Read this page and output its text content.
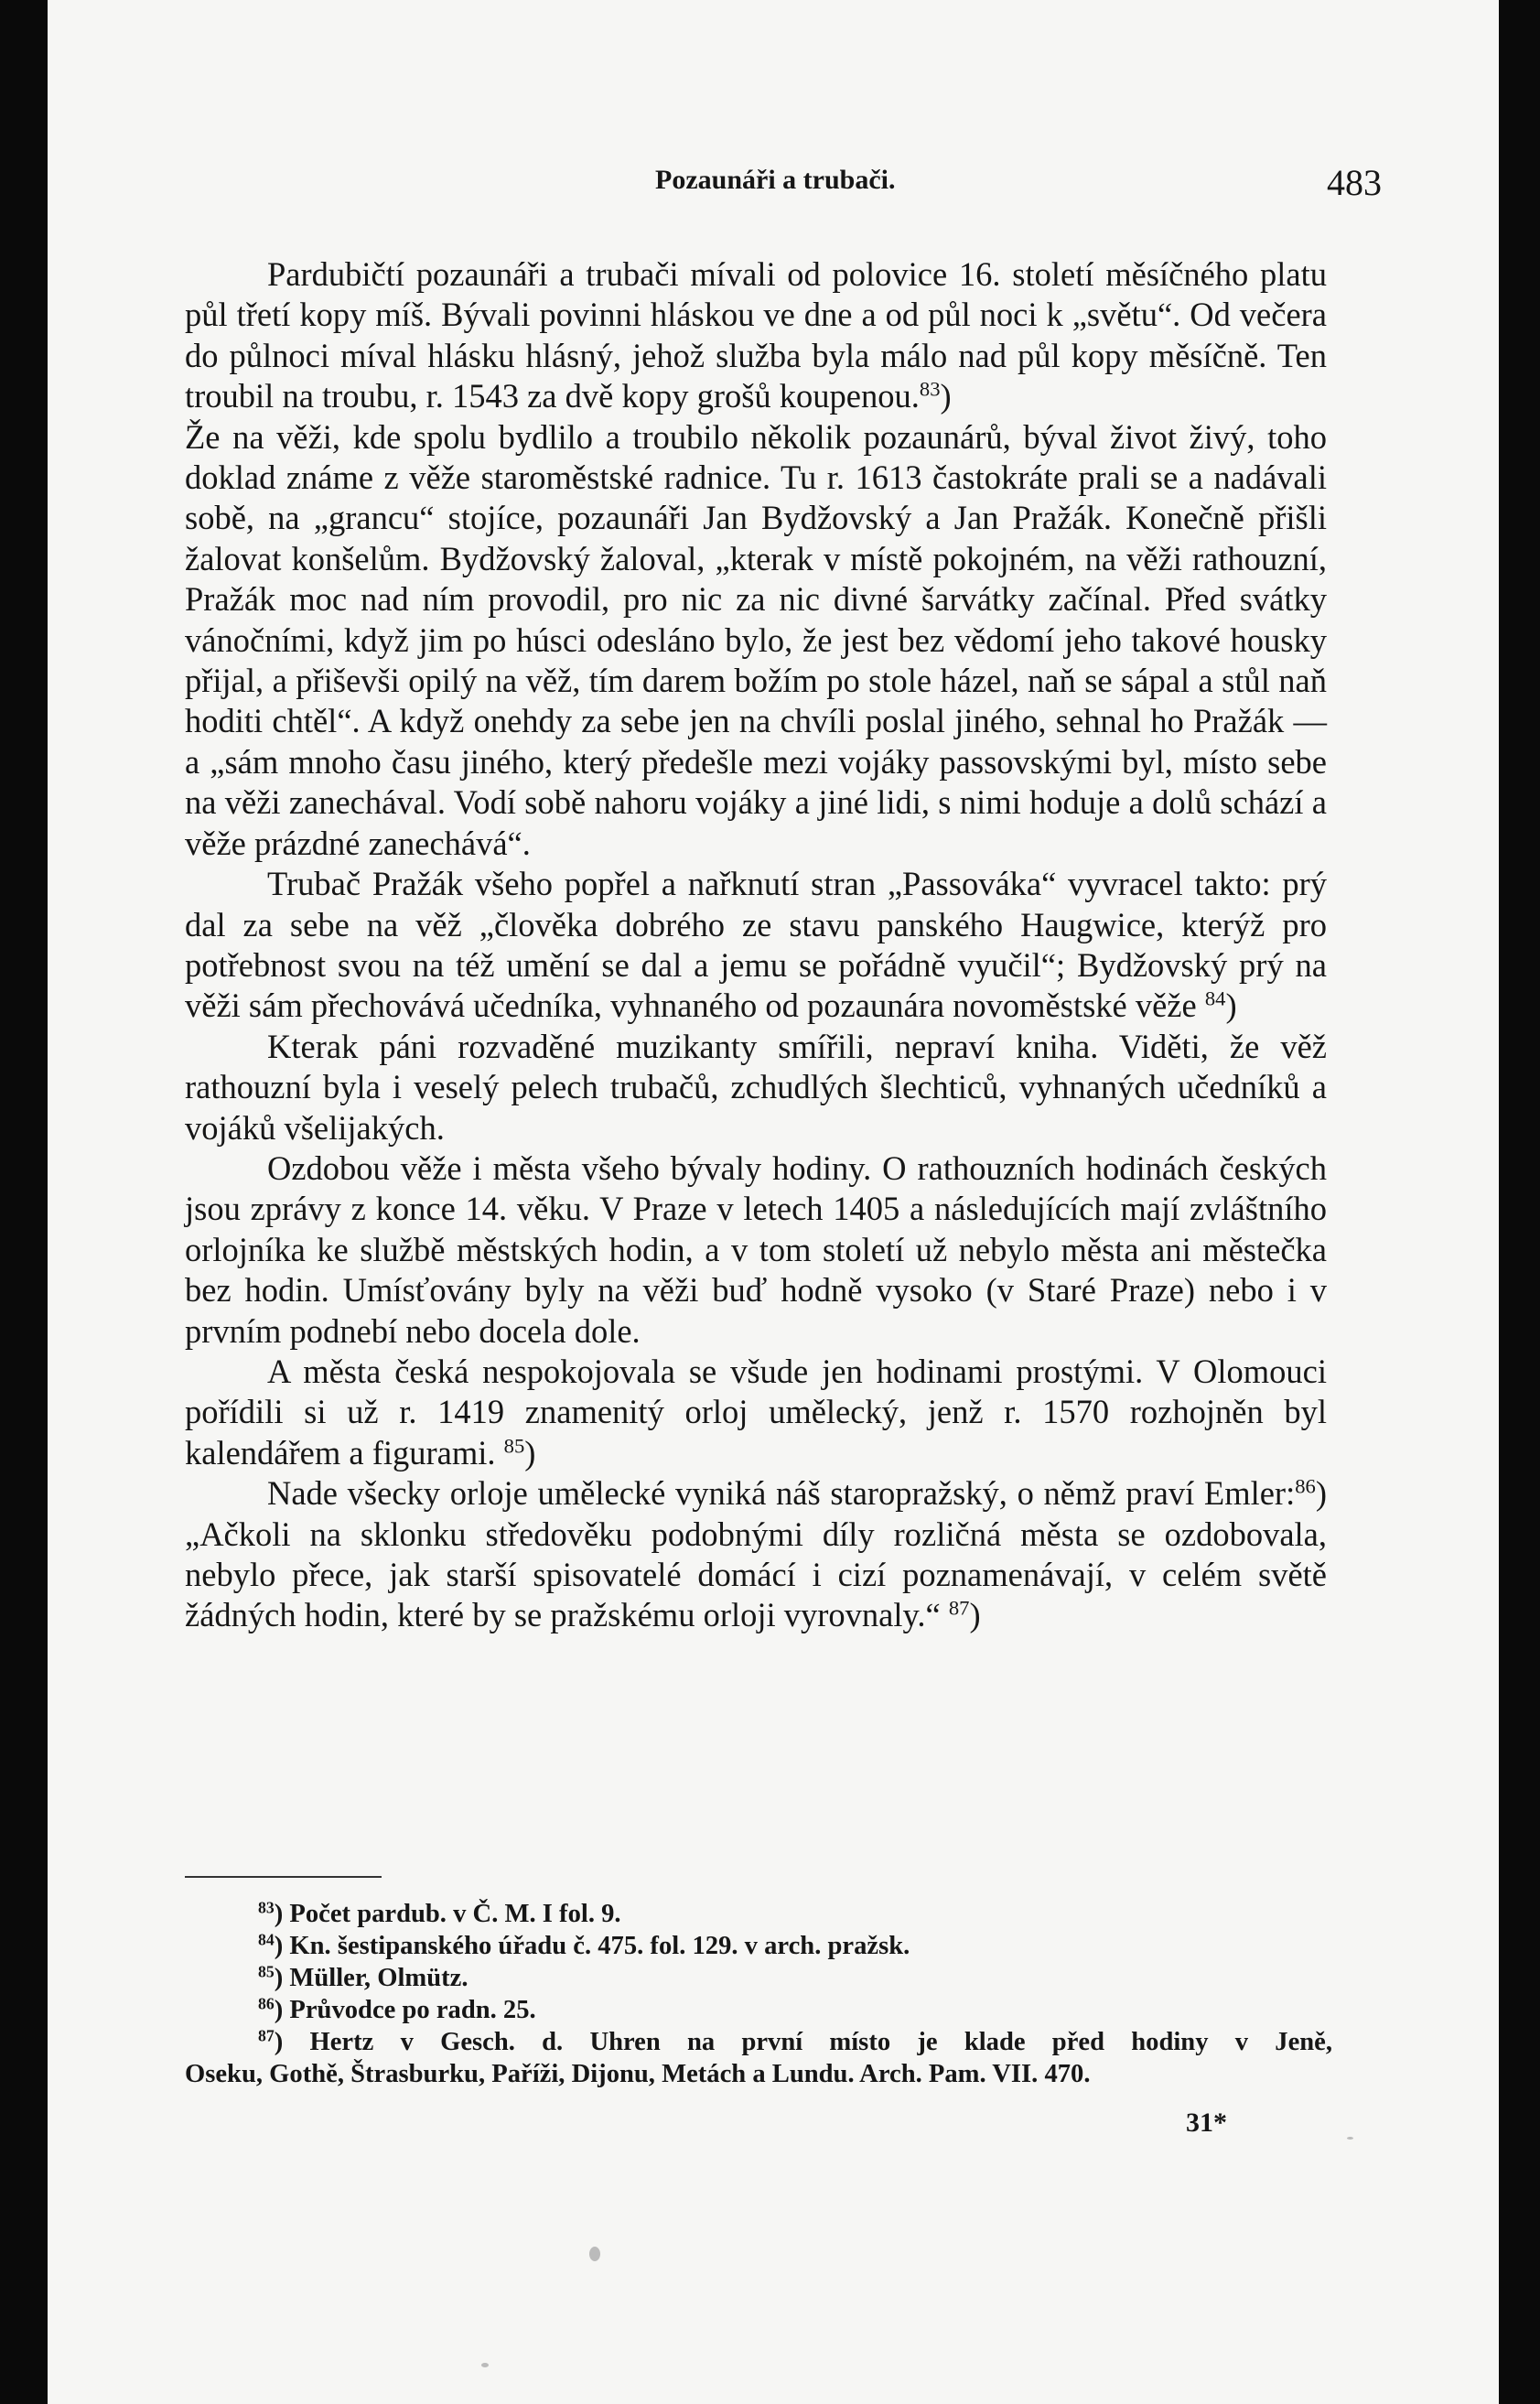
Pozaunáři a trubači.	483

Pardubičtí pozaunáři a trubači mívali od polovice 16. století měsíčného platu půl třetí kopy míš. Bývali povinni hláskou ve dne a od půl noci k „světu“. Od večera do půlnoci míval hlásku hlásný, jehož služba byla málo nad půl kopy měsíčně. Ten troubil na troubu, r. 1543 za dvě kopy grošů koupenou.$^{83}$)

Že na věži, kde spolu bydlilo a troubilo několik pozaunárů, býval život živý, toho doklad známe z věže staroměstské radnice. Tu r. 1613 častokráte prali se a nadávali sobě, na „grancu“ stojíce, pozaunáři Jan Bydžovský a Jan Pražák. Konečně přišli žalovat konšelům. Bydžovský žaloval, „kterak v místě pokojném, na věži rathouzní, Pražák moc nad ním provodil, pro nic za nic divné šarvátky začínal. Před svátky vánočními, když jim po húsci odesláno bylo, že jest bez vědomí jeho takové housky přijal, a přiševši opilý na věž, tím darem božím po stole házel, naň se sápal a stůl naň hoditi chtěl“. A když onehdy za sebe jen na chvíli poslal jiného, sehnal ho Pražák — a „sám mnoho času jiného, který předešle mezi vojáky passovskými byl, místo sebe na věži zanechával. Vodí sobě nahoru vojáky a jiné lidi, s nimi hoduje a dolů schází a věže prázdné zanechává“.

Trubač Pražák všeho popřel a nařknutí stran „Passováka“ vyvracel takto: prý dal za sebe na věž „člověka dobrého ze stavu panského Haugwice, kterýž pro potřebnost svou na též umění se dal a jemu se pořádně vyučil“; Bydžovský prý na věži sám přechovává učedníka, vyhnaného od pozaunára novoměstské věže $^{84}$)

Kterak páni rozvaděné muzikanty smířili, nepraví kniha. Viděti, že věž rathouzní byla i veselý pelech trubačů, zchudlých šlechticů, vyhnaných učedníků a vojáků všelijakých.

Ozdobou věže i města všeho bývaly hodiny. O rathouzních hodinách českých jsou zprávy z konce 14. věku. V Praze v letech 1405 a následujících mají zvláštního orlojníka ke službě městských hodin, a v tom století už nebylo města ani městečka bez hodin. Umísťovány byly na věži buď hodně vysoko (v Staré Praze) nebo i v prvním podnebí nebo docela dole.

A města česká nespokojovala se všude jen hodinami prostými. V Olomouci pořídili si už r. 1419 znamenitý orloj umělecký, jenž r. 1570 rozhojněn byl kalendářem a figurami. $^{85}$)

Nade všecky orloje umělecké vyniká náš staropražský, o němž praví Emler:$^{86}$) „Ačkoli na sklonku středověku podobnými díly rozličná města se ozdobovala, nebylo přece, jak starší spisovatelé domácí i cizí poznamenávají, v celém světě žádných hodin, které by se pražskému orloji vyrovnaly.“ $^{87}$)

$^{83}$) Počet pardub. v Č. M. I fol. 9.

$^{84}$) Kn. šestipanského úřadu č. 475. fol. 129. v arch. pražsk.

$^{85}$) Müller, Olmütz.

$^{86}$) Průvodce po radn. 25.

$^{87}$) Hertz v Gesch. d. Uhren na první místo je klade před hodiny v Jeně,

Oseku, Gothě, Štrasburku, Paříži, Dijonu, Metách a Lundu. Arch. Pam. VII. 470.

31*
